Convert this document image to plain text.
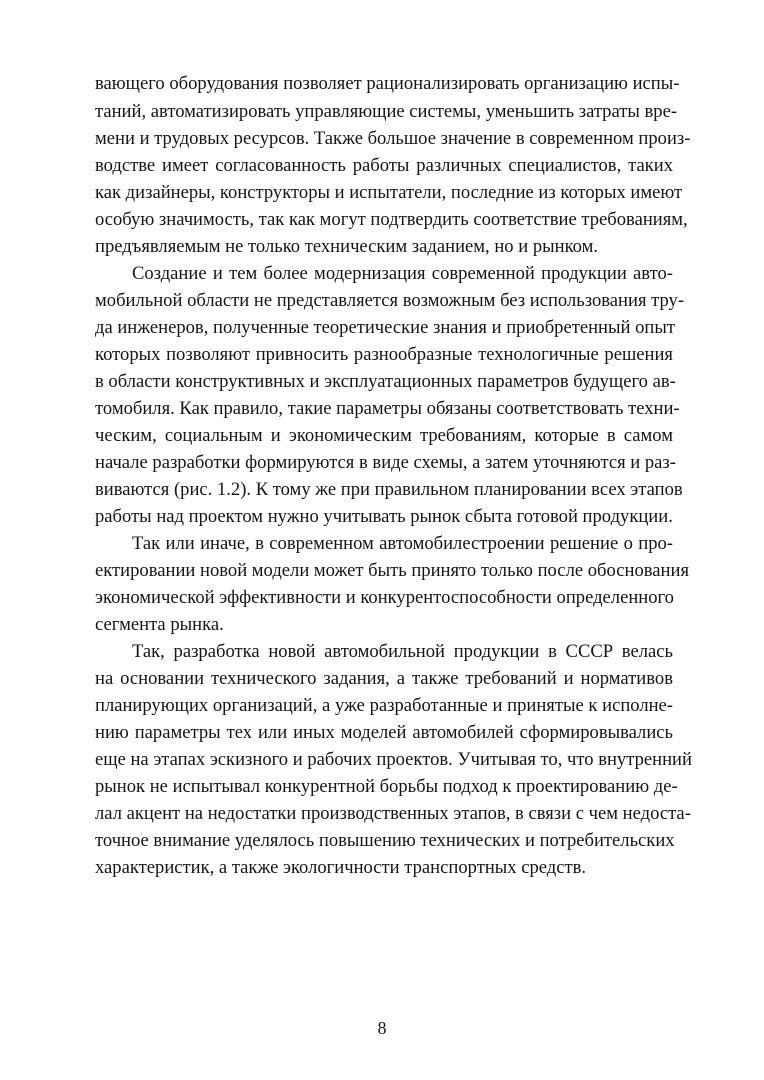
вающего оборудования позволяет рационализировать организацию испы-
таний, автоматизировать управляющие системы, уменьшить затраты вре-
мени и трудовых ресурсов. Также большое значение в современном произ-
водстве имеет согласованность работы различных специалистов, таких
как дизайнеры, конструкторы и испытатели, последние из которых имеют
особую значимость, так как могут подтвердить соответствие требованиям,
предъявляемым не только техническим заданием, но и рынком.
Создание и тем более модернизация современной продукции авто-
мобильной области не представляется возможным без использования тру-
да инженеров, полученные теоретические знания и приобретенный опыт
которых позволяют привносить разнообразные технологичные решения
в области конструктивных и эксплуатационных параметров будущего ав-
томобиля. Как правило, такие параметры обязаны соответствовать техни-
ческим, социальным и экономическим требованиям, которые в самом
начале разработки формируются в виде схемы, а затем уточняются и раз-
виваются (рис. 1.2). К тому же при правильном планировании всех этапов
работы над проектом нужно учитывать рынок сбыта готовой продукции.
Так или иначе, в современном автомобилестроении решение о про-
ектировании новой модели может быть принято только после обоснования
экономической эффективности и конкурентоспособности определенного
сегмента рынка.
Так, разработка новой автомобильной продукции в СССР велась
на основании технического задания, а также требований и нормативов
планирующих организаций, а уже разработанные и принятые к исполне-
нию параметры тех или иных моделей автомобилей сформировывались
еще на этапах эскизного и рабочих проектов. Учитывая то, что внутренний
рынок не испытывал конкурентной борьбы подход к проектированию де-
лал акцент на недостатки производственных этапов, в связи с чем недоста-
точное внимание уделялось повышению технических и потребительских
характеристик, а также экологичности транспортных средств.
8
